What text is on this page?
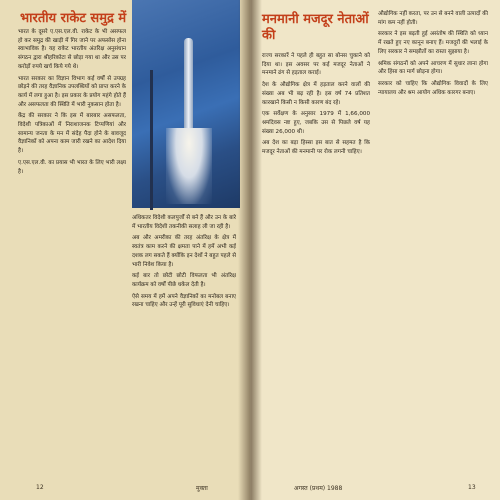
भारतीय राकेट समुद्र में

भारत के दूसरे ए.एस.एल.वी. राकेट के भी असफल हो कर समुद्र की खाड़ी में गिर जाने पर अफसोस होना स्वाभाविक है। यह राकेट भारतीय अंतरिक्ष अनुसंधान संगठन द्वारा श्रीहरिकोटा से छोड़ा गया था और उस पर करोड़ों रुपये खर्च किये गये थे।

भारत सरकार का विज्ञान विभाग कई वर्षों से उपग्रह छोड़ने की तरह वैज्ञानिक उपलब्धियों को प्राप्त करने के कार्य में लगा हुआ है। इस प्रकार के प्रयोग महंगे होते हैं और असफलता की स्थिति में भारी नुकसान होता है।

केंद्र की सरकार ने कि इस में बारबार असफलता, विदेशी पत्रिकाओं में निराशाजनक टिप्पणियां और सामान्य जनता के मन में संदेह पैदा होने के बावजूद वैज्ञानिकों को अपना काम जारी रखने का आदेश दिया है।

ए.एस.एल.वी. का प्रयास भी भारत के लिए भारी लक्ष्य है।

अधिकतर विदेशी कलपुर्जों से बने हैं और उन के बारे में भारतीय विदेशी तकनीकी सलाह ली जा रही है।

अब और अमरीका की तरह अंतरिक्ष के क्षेत्र में स्वतंत्र काम करने की क्षमता पाने में हमें अभी कई दशक लग सकते हैं क्योंकि इन देशों ने बहुत पहले से भारी निवेश किया है।

कई बार तो छोटी छोटी विफलता भी अंतरिक्ष कार्यक्रम को वर्षों पीछे धकेल देती है।

ऐसे समय में हमें अपने वैज्ञानिकों का मनोबल बनाए रखना चाहिए और उन्हें पूरी सुविधाएं देनी चाहिए।

12	मुक्ता

राज्य सरकारें ने पहले ही बहुत सा बोनस चुकाने को दिया था। इस अवसर पर कई मजदूर नेताओं ने मनमाने ढंग से हड़ताल कराई।

देश के औद्योगिक क्षेत्र में हड़ताल करने वालों की संख्या अब भी बढ़ रही है। इस वर्ष 74 प्रतिशत कारखाने किसी न किसी कारण बंद रहे।

एक सर्वेक्षण के अनुसार 1979 में 1,66,000 श्रमदिवस नष्ट हुए, जबकि उस से पिछले वर्ष यह संख्या 26,000 थी।

अब देश का बड़ा हिस्सा इस बात से सहमत है कि मजदूर नेताओं की मनमानी पर रोक लगनी चाहिए।

औद्योगिक नहीं करता, पर उन से बनने वाली उत्पादों की मांग कम नहीं होती।

सरकार ने इस बढ़ती हुई असंतोष की स्थिति को ध्यान में रखते हुए नए कानून बनाए हैं। मजदूरों की भलाई के लिए सरकार ने समझौतों का रास्ता सुझाया है।

श्रमिक संगठनों को अपने आचरण में सुधार लाना होगा और हिंसा का मार्ग छोड़ना होगा।

सरकार को चाहिए कि औद्योगिक विवादों के लिए न्यायालय और श्रम आयोग अधिक कारगर बनाए।

अगस्त (प्रथम) 1988	13
मनमानी मजदूर नेताओं की
